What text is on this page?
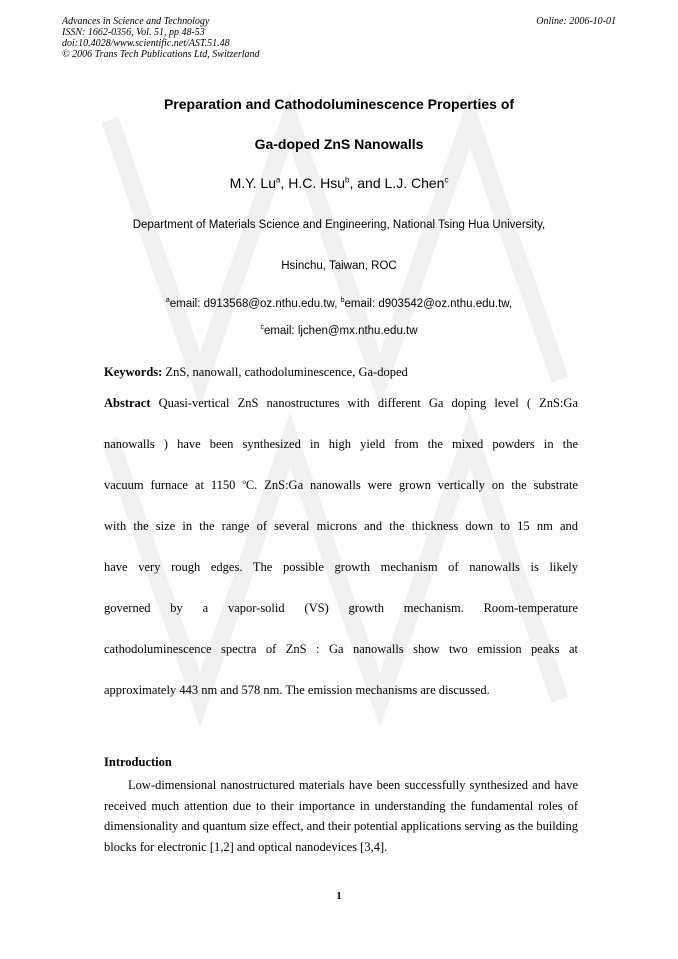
Advances in Science and Technology
ISSN: 1662-0356, Vol. 51, pp 48-53
doi:10.4028/www.scientific.net/AST.51.48
© 2006 Trans Tech Publications Ltd, Switzerland
Online: 2006-10-01
Preparation and Cathodoluminescence Properties of
Ga-doped ZnS Nanowalls
M.Y. Lu$^a$, H.C. Hsu$^b$, and L.J. Chen$^c$
Department of Materials Science and Engineering, National Tsing Hua University,
Hsinchu, Taiwan, ROC
$^a$email: d913568@oz.nthu.edu.tw, $^b$email: d903542@oz.nthu.edu.tw,
$^c$email: ljchen@mx.nthu.edu.tw
Keywords: ZnS, nanowall, cathodoluminescence, Ga-doped
Abstract Quasi-vertical ZnS nanostructures with different Ga doping level ( ZnS:Ga
nanowalls ) have been synthesized in high yield from the mixed powders in the
vacuum furnace at 1150 $^o$C. ZnS:Ga nanowalls were grown vertically on the substrate
with the size in the range of several microns and the thickness down to 15 nm and
have very rough edges. The possible growth mechanism of nanowalls is likely
governed by a vapor-solid (VS) growth mechanism. Room-temperature
cathodoluminescence spectra of ZnS : Ga nanowalls show two emission peaks at
approximately 443 nm and 578 nm. The emission mechanisms are discussed.
Introduction
Low-dimensional nanostructured materials have been successfully synthesized and have received much attention due to their importance in understanding the fundamental roles of dimensionality and quantum size effect, and their potential applications serving as the building blocks for electronic [1,2] and optical nanodevices [3,4].
1
